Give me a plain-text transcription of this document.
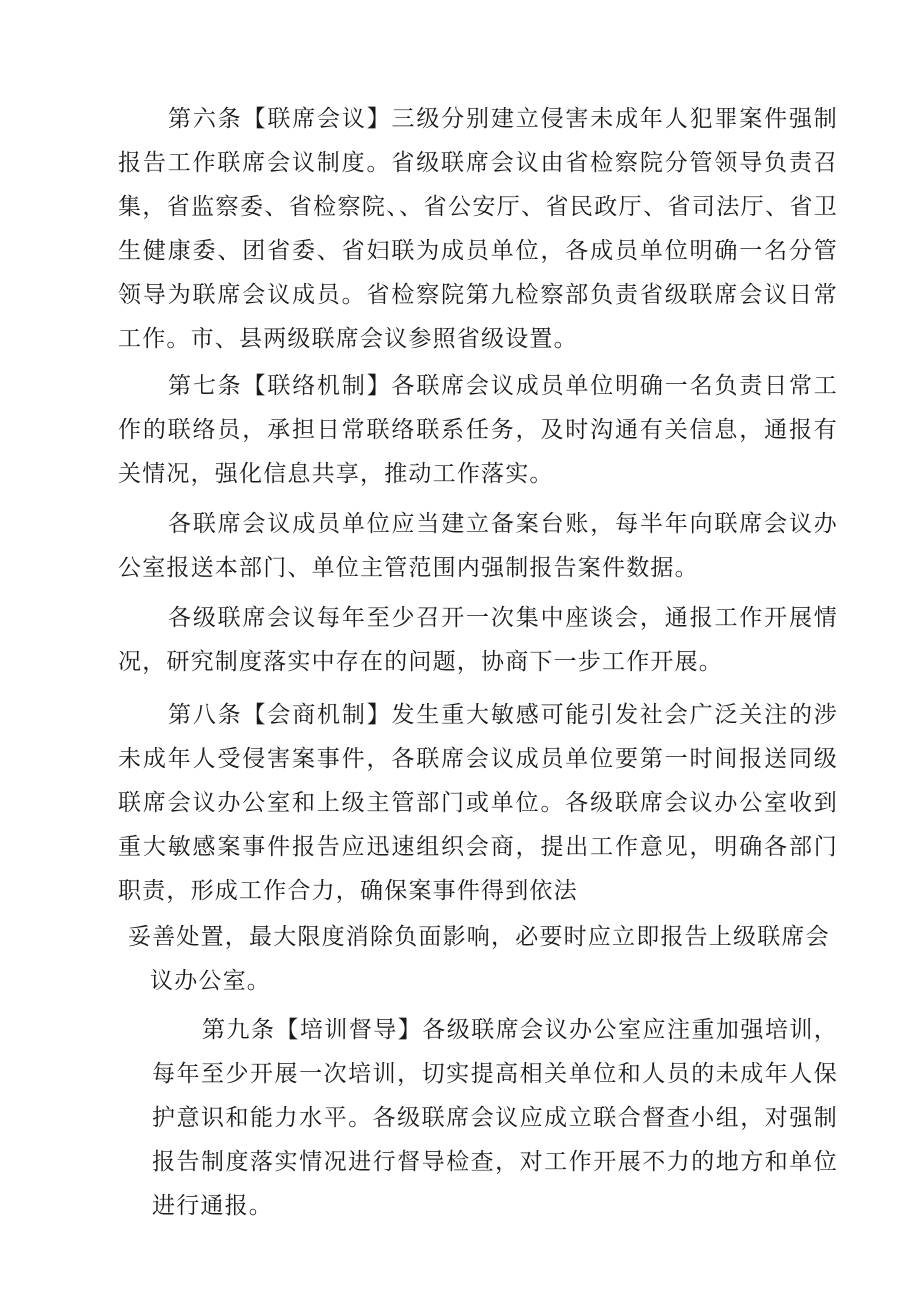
第六条【联席会议】三级分别建立侵害未成年人犯罪案件强制报告工作联席会议制度。省级联席会议由省检察院分管领导负责召集，省监察委、省检察院、、省公安厅、省民政厅、省司法厅、省卫生健康委、团省委、省妇联为成员单位，各成员单位明确一名分管领导为联席会议成员。省检察院第九检察部负责省级联席会议日常工作。市、县两级联席会议参照省级设置。

第七条【联络机制】各联席会议成员单位明确一名负责日常工作的联络员，承担日常联络联系任务，及时沟通有关信息，通报有关情况，强化信息共享，推动工作落实。

各联席会议成员单位应当建立备案台账，每半年向联席会议办公室报送本部门、单位主管范围内强制报告案件数据。

各级联席会议每年至少召开一次集中座谈会，通报工作开展情况，研究制度落实中存在的问题，协商下一步工作开展。

第八条【会商机制】发生重大敏感可能引发社会广泛关注的涉未成年人受侵害案事件，各联席会议成员单位要第一时间报送同级联席会议办公室和上级主管部门或单位。各级联席会议办公室收到重大敏感案事件报告应迅速组织会商，提出工作意见，明确各部门职责，形成工作合力，确保案事件得到依法

妥善处置，最大限度消除负面影响，必要时应立即报告上级联席会
议办公室。

第九条【培训督导】各级联席会议办公室应注重加强培训，每年至少开展一次培训，切实提高相关单位和人员的未成年人保护意识和能力水平。各级联席会议应成立联合督查小组，对强制报告制度落实情况进行督导检查，对工作开展不力的地方和单位进行通报。
